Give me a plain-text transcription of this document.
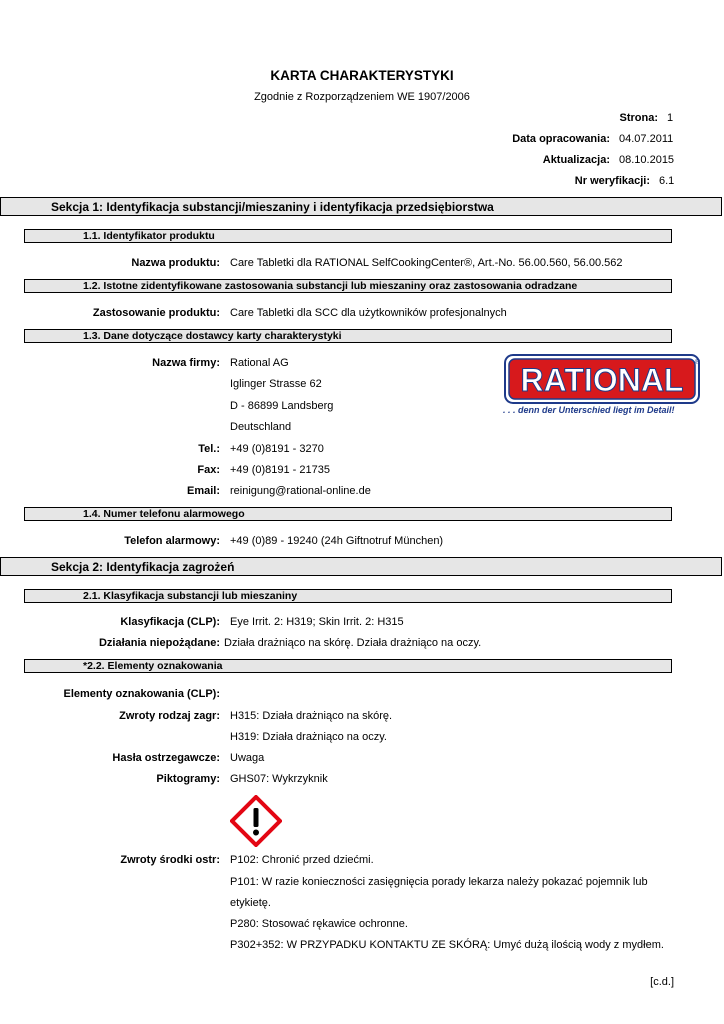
KARTA CHARAKTERYSTYKI
Zgodnie z Rozporządzeniem WE 1907/2006
Strona: 1
Data opracowania: 04.07.2011
Aktualizacja: 08.10.2015
Nr weryfikacji: 6.1
Sekcja 1: Identyfikacja substancji/mieszaniny i identyfikacja przedsiębiorstwa
1.1. Identyfikator produktu
Nazwa produktu: Care Tabletki dla RATIONAL SelfCookingCenter®, Art.-No. 56.00.560, 56.00.562
1.2. Istotne zidentyfikowane zastosowania substancji lub mieszaniny oraz zastosowania odradzane
Zastosowanie produktu: Care Tabletki dla SCC dla użytkowników profesjonalnych
1.3. Dane dotyczące dostawcy karty charakterystyki
Nazwa firmy: Rational AG
Iglinger Strasse 62
D - 86899 Landsberg
Deutschland
Tel.: +49 (0)8191 - 3270
Fax: +49 (0)8191 - 21735
Email: reinigung@rational-online.de
RATIONAL ®
. . . denn der Unterschied liegt im Detail!
1.4. Numer telefonu alarmowego
Telefon alarmowy: +49 (0)89 - 19240 (24h Giftnotruf München)
Sekcja 2: Identyfikacja zagrożeń
2.1. Klasyfikacja substancji lub mieszaniny
Klasyfikacja (CLP): Eye Irrit. 2: H319; Skin Irrit. 2: H315
Działania niepożądane: Działa drażniąco na skórę. Działa drażniąco na oczy.
*2.2. Elementy oznakowania
Elementy oznakowania (CLP):
Zwroty rodzaj zagr: H315: Działa drażniąco na skórę.
H319: Działa drażniąco na oczy.
Hasła ostrzegawcze: Uwaga
Piktogramy: GHS07: Wykrzyknik
Zwroty środki ostr: P102: Chronić przed dziećmi.
P101: W razie konieczności zasięgnięcia porady lekarza należy pokazać pojemnik lub
etykietę.
P280: Stosować rękawice ochronne.
P302+352: W PRZYPADKU KONTAKTU ZE SKÓRĄ: Umyć dużą ilością wody z mydłem.
[c.d.]
